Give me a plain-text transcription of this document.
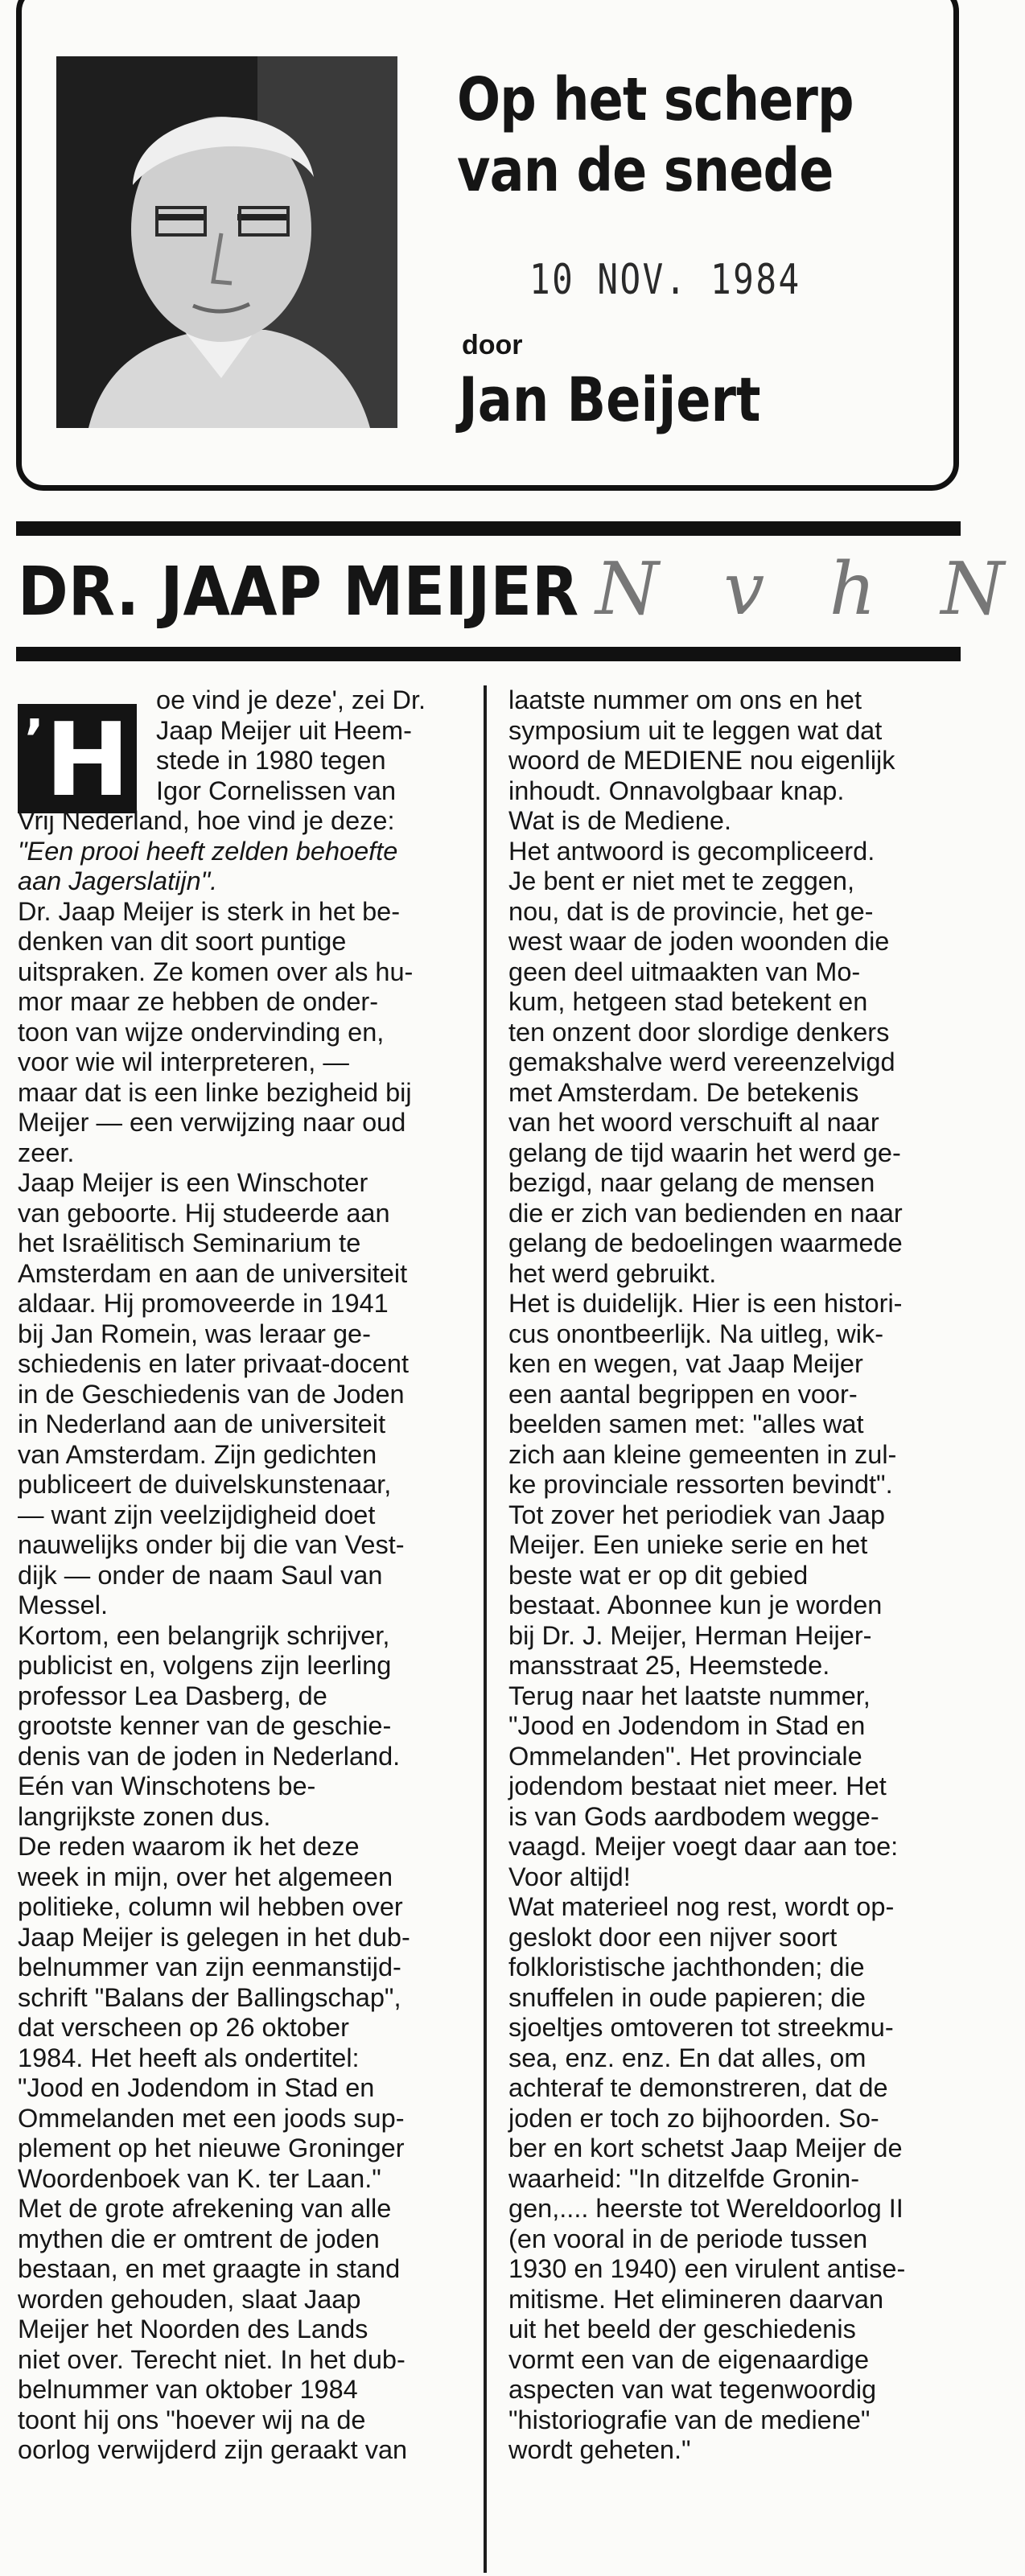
Op het scherp
van de snede
10 NOV. 1984
door
Jan Beijert
DR. JAAP MEIJER N v h N
’ H
oe vind je deze', zei Dr.
Jaap Meijer uit Heem-
stede in 1980 tegen
Igor Cornelissen van
Vrij Nederland, hoe vind je deze:
"Een prooi heeft zelden behoefte
aan Jagerslatijn".
Dr. Jaap Meijer is sterk in het be-
denken van dit soort puntige
uitspraken. Ze komen over als hu-
mor maar ze hebben de onder-
toon van wijze ondervinding en,
voor wie wil interpreteren, —
maar dat is een linke bezigheid bij
Meijer — een verwijzing naar oud
zeer.
Jaap Meijer is een Winschoter
van geboorte. Hij studeerde aan
het Israëlitisch Seminarium te
Amsterdam en aan de universiteit
aldaar. Hij promoveerde in 1941
bij Jan Romein, was leraar ge-
schiedenis en later privaat-docent
in de Geschiedenis van de Joden
in Nederland aan de universiteit
van Amsterdam. Zijn gedichten
publiceert de duivelskunstenaar,
— want zijn veelzijdigheid doet
nauwelijks onder bij die van Vest-
dijk — onder de naam Saul van
Messel.
Kortom, een belangrijk schrijver,
publicist en, volgens zijn leerling
professor Lea Dasberg, de
grootste kenner van de geschie-
denis van de joden in Nederland.
Eén van Winschotens be-
langrijkste zonen dus.
De reden waarom ik het deze
week in mijn, over het algemeen
politieke, column wil hebben over
Jaap Meijer is gelegen in het dub-
belnummer van zijn eenmanstijd-
schrift "Balans der Ballingschap",
dat verscheen op 26 oktober
1984. Het heeft als ondertitel:
"Jood en Jodendom in Stad en
Ommelanden met een joods sup-
plement op het nieuwe Groninger
Woordenboek van K. ter Laan."
Met de grote afrekening van alle
mythen die er omtrent de joden
bestaan, en met graagte in stand
worden gehouden, slaat Jaap
Meijer het Noorden des Lands
niet over. Terecht niet. In het dub-
belnummer van oktober 1984
toont hij ons "hoever wij na de
oorlog verwijderd zijn geraakt van
laatste nummer om ons en het
symposium uit te leggen wat dat
woord de MEDIENE nou eigenlijk
inhoudt. Onnavolgbaar knap.
Wat is de Mediene.
Het antwoord is gecompliceerd.
Je bent er niet met te zeggen,
nou, dat is de provincie, het ge-
west waar de joden woonden die
geen deel uitmaakten van Mo-
kum, hetgeen stad betekent en
ten onzent door slordige denkers
gemakshalve werd vereenzelvigd
met Amsterdam. De betekenis
van het woord verschuift al naar
gelang de tijd waarin het werd ge-
bezigd, naar gelang de mensen
die er zich van bedienden en naar
gelang de bedoelingen waarmede
het werd gebruikt.
Het is duidelijk. Hier is een histori-
cus onontbeerlijk. Na uitleg, wik-
ken en wegen, vat Jaap Meijer
een aantal begrippen en voor-
beelden samen met: "alles wat
zich aan kleine gemeenten in zul-
ke provinciale ressorten bevindt".
Tot zover het periodiek van Jaap
Meijer. Een unieke serie en het
beste wat er op dit gebied
bestaat. Abonnee kun je worden
bij Dr. J. Meijer, Herman Heijer-
mansstraat 25, Heemstede.
Terug naar het laatste nummer,
"Jood en Jodendom in Stad en
Ommelanden". Het provinciale
jodendom bestaat niet meer. Het
is van Gods aardbodem wegge-
vaagd. Meijer voegt daar aan toe:
Voor altijd!
Wat materieel nog rest, wordt op-
geslokt door een nijver soort
folkloristische jachthonden; die
snuffelen in oude papieren; die
sjoeltjes omtoveren tot streekmu-
sea, enz. enz. En dat alles, om
achteraf te demonstreren, dat de
joden er toch zo bijhoorden. So-
ber en kort schetst Jaap Meijer de
waarheid: "In ditzelfde Gronin-
gen,.... heerste tot Wereldoorlog II
(en vooral in de periode tussen
1930 en 1940) een virulent antise-
mitisme. Het elimineren daarvan
uit het beeld der geschiedenis
vormt een van de eigenaardige
aspecten van wat tegenwoordig
"historiografie van de mediene"
wordt geheten."
